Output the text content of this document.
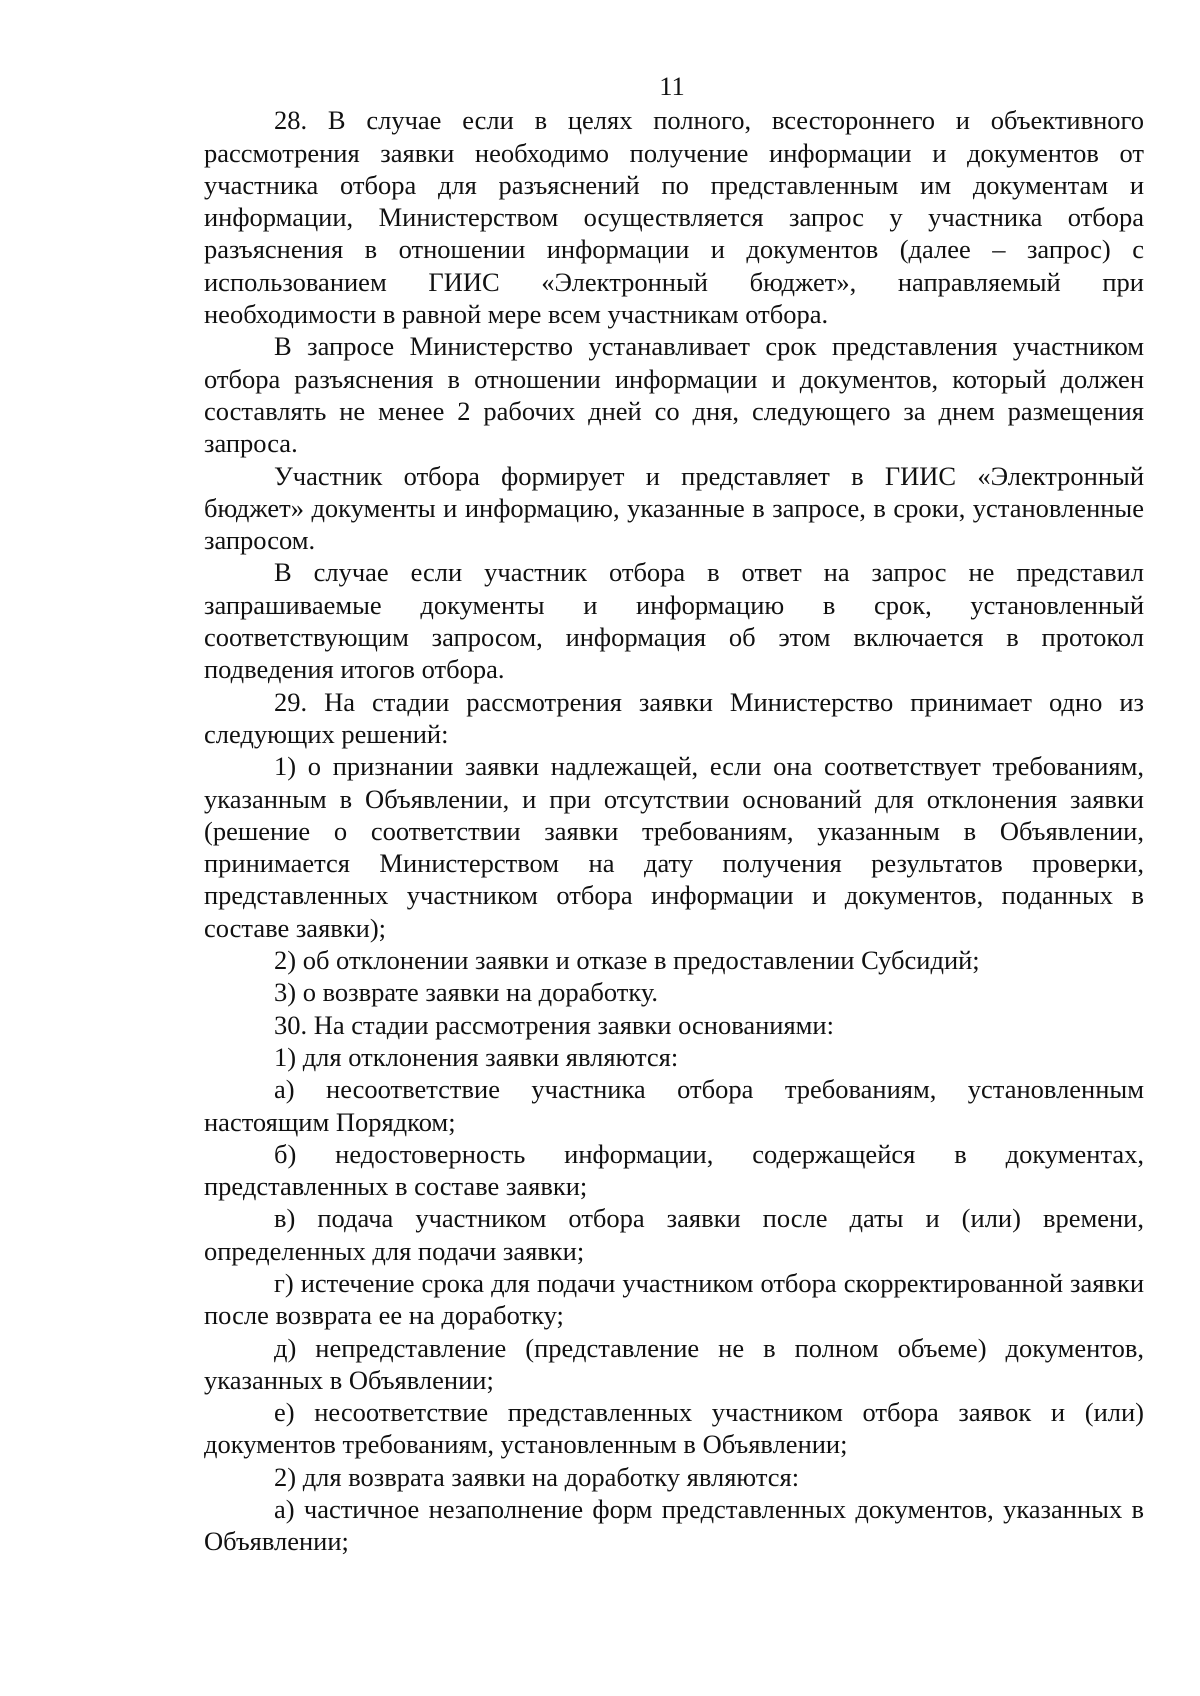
11

28. В случае если в целях полного, всестороннего и объективного рассмотрения заявки необходимо получение информации и документов от участника отбора для разъяснений по представленным им документам и информации, Министерством осуществляется запрос у участника отбора разъяснения в отношении информации и документов (далее – запрос) с использованием ГИИС «Электронный бюджет», направляемый при необходимости в равной мере всем участникам отбора.

В запросе Министерство устанавливает срок представления участником отбора разъяснения в отношении информации и документов, который должен составлять не менее 2 рабочих дней со дня, следующего за днем размещения запроса.

Участник отбора формирует и представляет в ГИИС «Электронный бюджет» документы и информацию, указанные в запросе, в сроки, установленные запросом.

В случае если участник отбора в ответ на запрос не представил запрашиваемые документы и информацию в срок, установленный соответствующим запросом, информация об этом включается в протокол подведения итогов отбора.

29. На стадии рассмотрения заявки Министерство принимает одно из следующих решений:

1) о признании заявки надлежащей, если она соответствует требованиям, указанным в Объявлении, и при отсутствии оснований для отклонения заявки (решение о соответствии заявки требованиям, указанным в Объявлении, принимается Министерством на дату получения результатов проверки, представленных участником отбора информации и документов, поданных в составе заявки);

2) об отклонении заявки и отказе в предоставлении Субсидий;

3) о возврате заявки на доработку.

30. На стадии рассмотрения заявки основаниями:

1) для отклонения заявки являются:

а) несоответствие участника отбора требованиям, установленным настоящим Порядком;

б) недостоверность информации, содержащейся в документах, представленных в составе заявки;

в) подача участником отбора заявки после даты и (или) времени, определенных для подачи заявки;

г) истечение срока для подачи участником отбора скорректированной заявки после возврата ее на доработку;

д) непредставление (представление не в полном объеме) документов, указанных в Объявлении;

е) несоответствие представленных участником отбора заявок и (или) документов требованиям, установленным в Объявлении;

2) для возврата заявки на доработку являются:

а) частичное незаполнение форм представленных документов, указанных в Объявлении;
